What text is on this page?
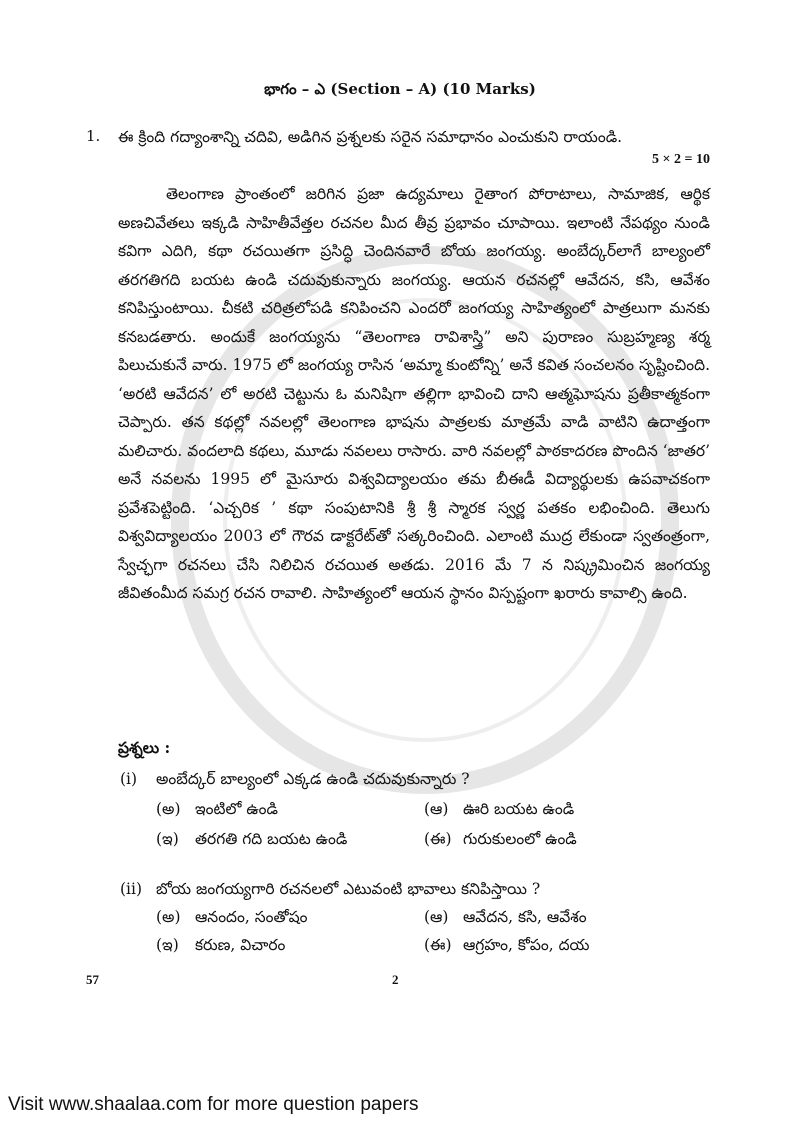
భాగం – ఎ (Section – A) (10 Marks)
1. ఈ క్రింది గద్యాంశాన్ని చదివి, అడిగిన ప్రశ్నలకు సరైన సమాధానం ఎంచుకుని రాయండి.
5 × 2 = 10

తెలంగాణ ప్రాంతంలో జరిగిన ప్రజా ఉద్యమాలు రైతాంగ పోరాటాలు, సామాజిక, ఆర్థిక అణచివేతలు ఇక్కడి సాహితీవేత్తల రచనల మీద తీవ్ర ప్రభావం చూపాయి. ఇలాంటి నేపథ్యం నుండి కవిగా ఎదిగి, కథా రచయితగా ప్రసిద్ధి చెందినవారే బోయ జంగయ్య. అంబేద్కర్‌లాగే బాల్యంలో తరగతిగది బయట ఉండి చదువుకున్నారు జంగయ్య. ఆయన రచనల్లో ఆవేదన, కసి, ఆవేశం కనిపిస్తుంటాయి. చీకటి చరిత్రలోపడి కనిపించని ఎందరో జంగయ్య సాహిత్యంలో పాత్రలుగా మనకు కనబడతారు. అందుకే జంగయ్యను “తెలంగాణ రావిశాస్త్రి” అని పురాణం సుబ్రహ్మణ్య శర్మ పిలుచుకునే వారు. 1975 లో జంగయ్య రాసిన ‘అమ్మా కుంటోన్ని’ అనే కవిత సంచలనం సృష్టించింది. ‘అరటి ఆవేదన’ లో అరటి చెట్టును ఓ మనిషిగా తల్లిగా భావించి దాని ఆత్మఘోషను ప్రతీకాత్మకంగా చెప్పారు. తన కథల్లో నవలల్లో తెలంగాణ భాషను పాత్రలకు మాత్రమే వాడి వాటిని ఉదాత్తంగా మలిచారు. వందలాది కథలు, మూడు నవలలు రాసారు. వారి నవలల్లో పాఠకాదరణ పొందిన ‘జాతర’ అనే నవలను 1995 లో మైసూరు విశ్వవిద్యాలయం తమ బీఈడీ విద్యార్థులకు ఉపవాచకంగా ప్రవేశపెట్టింది. ‘ఎచ్చరిక ’ కథా సంపుటానికి శ్రీ శ్రీ స్మారక స్వర్ణ పతకం లభించింది. తెలుగు విశ్వవిద్యాలయం 2003 లో గౌరవ డాక్టరేట్‌తో సత్కరించింది. ఎలాంటి ముద్ర లేకుండా స్వతంత్రంగా, స్వేచ్ఛగా రచనలు చేసి నిలిచిన రచయిత అతడు. 2016 మే 7 న నిష్క్రమించిన జంగయ్య జీవితంమీద సమగ్ర రచన రావాలి. సాహిత్యంలో ఆయన స్థానం విస్పష్టంగా ఖరారు కావాల్సి ఉంది.

ప్రశ్నలు :
(i) అంబేద్కర్ బాల్యంలో ఎక్కడ ఉండి చదువుకున్నారు ?
(అ) ఇంటిలో ఉండి	(ఆ) ఊరి బయట ఉండి
(ఇ) తరగతి గది బయట ఉండి	(ఈ) గురుకులంలో ఉండి
(ii) బోయ జంగయ్యగారి రచనలలో ఎటువంటి భావాలు కనిపిస్తాయి ?
(అ) ఆనందం, సంతోషం	(ఆ) ఆవేదన, కసి, ఆవేశం
(ఇ) కరుణ, విచారం	(ఈ) ఆగ్రహం, కోపం, దయ
57	2
Visit www.shaalaa.com for more question papers
